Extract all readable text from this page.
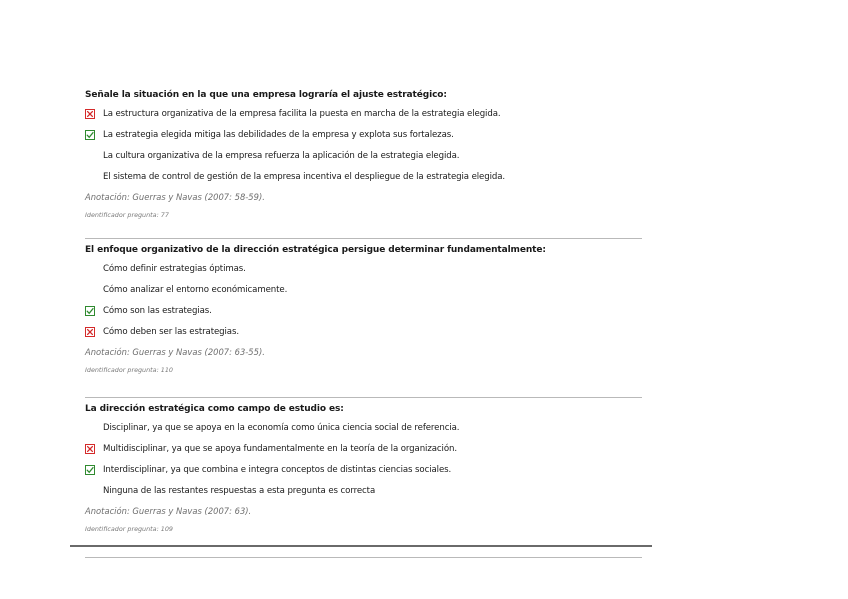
Señale la situación en la que una empresa lograría el ajuste estratégico:
La estructura organizativa de la empresa facilita la puesta en marcha de la estrategia elegida.
La estrategia elegida mitiga las debilidades de la empresa y explota sus fortalezas.
La cultura organizativa de la empresa refuerza la aplicación de la estrategia elegida.
El sistema de control de gestión de la empresa incentiva el despliegue de la estrategia elegida.
Anotación: Guerras y Navas (2007: 58-59).
Identificador pregunta: 77
El enfoque organizativo de la dirección estratégica persigue determinar fundamentalmente:
Cómo definir estrategias óptimas.
Cómo analizar el entorno económicamente.
Cómo son las estrategias.
Cómo deben ser las estrategias.
Anotación: Guerras y Navas (2007: 63-55).
Identificador pregunta: 110
La dirección estratégica como campo de estudio es:
Disciplinar, ya que se apoya en la economía como única ciencia social de referencia.
Multidisciplinar, ya que se apoya fundamentalmente en la teoría de la organización.
Interdisciplinar, ya que combina e integra conceptos de distintas ciencias sociales.
Ninguna de las restantes respuestas a esta pregunta es correcta
Anotación: Guerras y Navas (2007: 63).
Identificador pregunta: 109
